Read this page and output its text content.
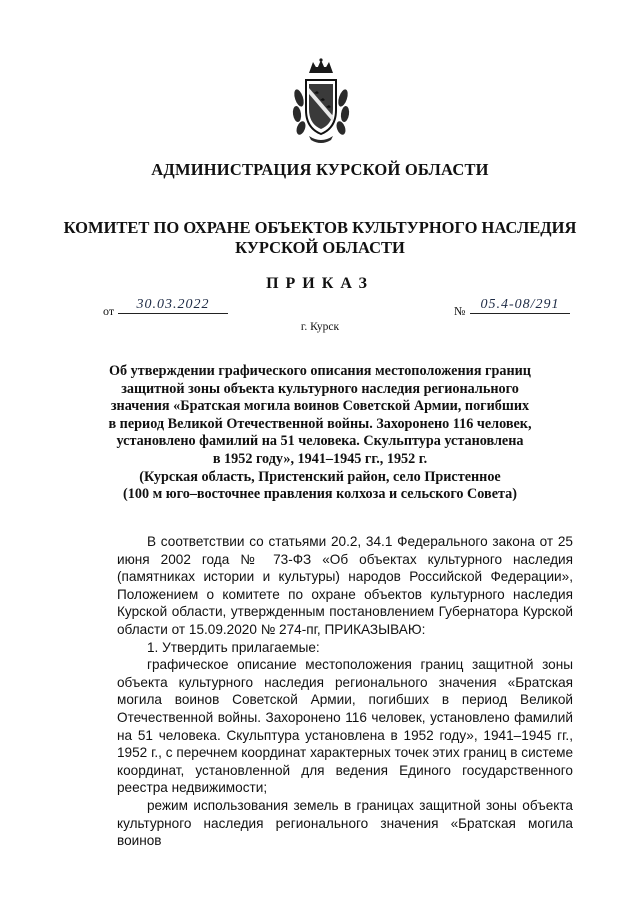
АДМИНИСТРАЦИЯ КУРСКОЙ ОБЛАСТИ
КОМИТЕТ ПО ОХРАНЕ ОБЪЕКТОВ КУЛЬТУРНОГО НАСЛЕДИЯ
КУРСКОЙ ОБЛАСТИ
ПРИКАЗ
от	30.03.2022	№	05.4-08/291
г. Курск
Об утверждении графического описания местоположения границ
защитной зоны объекта культурного наследия регионального
значения «Братская могила воинов Советской Армии, погибших
в период Великой Отечественной войны. Захоронено 116 человек,
установлено фамилий на 51 человека. Скульптура установлена
в 1952 году», 1941–1945 гг., 1952 г.
(Курская область, Пристенский район, село Пристенное
(100 м юго–восточнее правления колхоза и сельского Совета)

В соответствии со статьями 20.2, 34.1 Федерального закона от 25 июня 2002 года № 73-ФЗ «Об объектах культурного наследия (памятниках истории и культуры) народов Российской Федерации», Положением о комитете по охране объектов культурного наследия Курской области, утвержденным постановлением Губернатора Курской области от 15.09.2020 № 274-пг, ПРИКАЗЫВАЮ:

1. Утвердить прилагаемые:

графическое описание местоположения границ защитной зоны объекта культурного наследия регионального значения «Братская могила воинов Советской Армии, погибших в период Великой Отечественной войны. Захоронено 116 человек, установлено фамилий на 51 человека. Скульптура установлена в 1952 году», 1941–1945 гг., 1952 г., с перечнем координат характерных точек этих границ в системе координат, установленной для ведения Единого государственного реестра недвижимости;

режим использования земель в границах защитной зоны объекта культурного наследия регионального значения «Братская могила воинов
